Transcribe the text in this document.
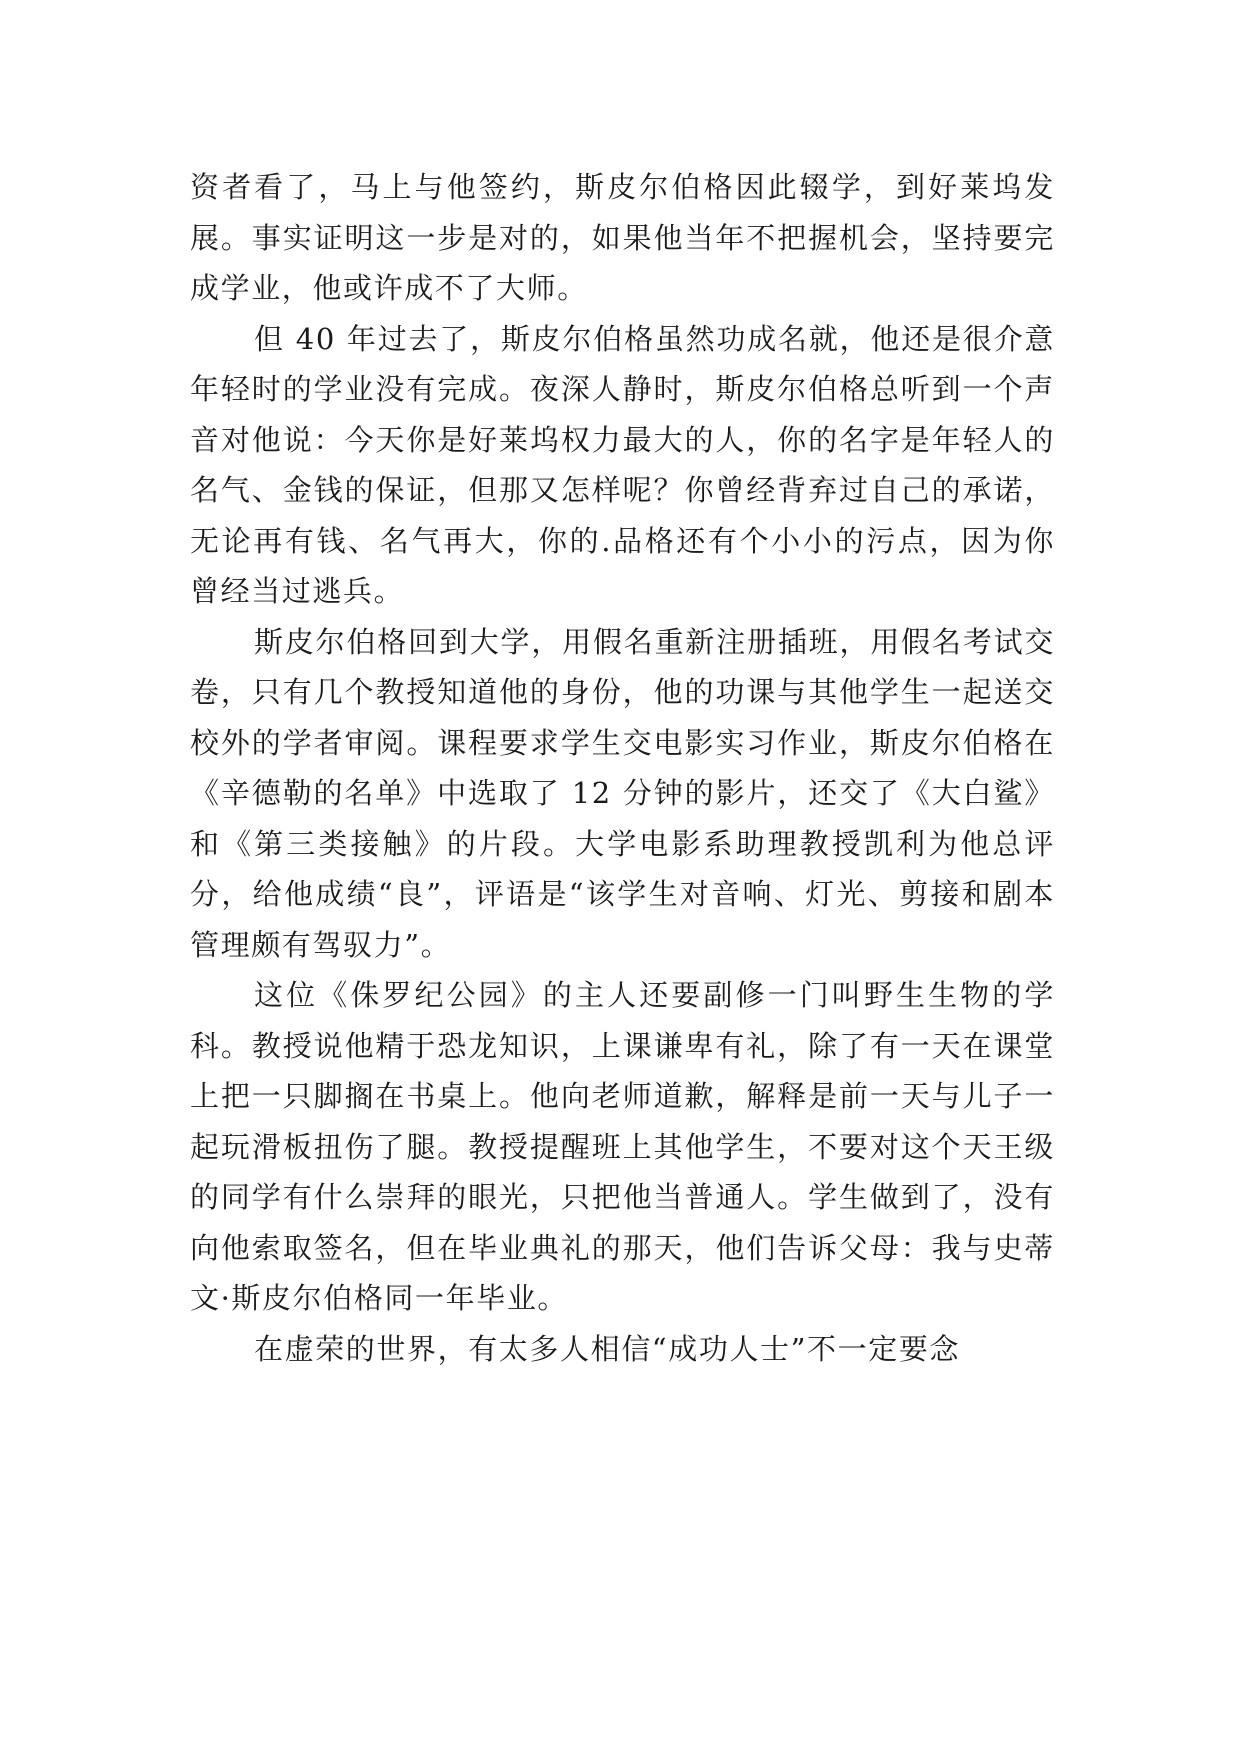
资者看了，马上与他签约，斯皮尔伯格因此辍学，到好莱坞发展。事实证明这一步是对的，如果他当年不把握机会，坚持要完成学业，他或许成不了大师。

但 40 年过去了，斯皮尔伯格虽然功成名就，他还是很介意年轻时的学业没有完成。夜深人静时，斯皮尔伯格总听到一个声音对他说：今天你是好莱坞权力最大的人，你的名字是年轻人的名气、金钱的保证，但那又怎样呢？你曾经背弃过自己的承诺，无论再有钱、名气再大，你的.品格还有个小小的污点，因为你曾经当过逃兵。

斯皮尔伯格回到大学，用假名重新注册插班，用假名考试交卷，只有几个教授知道他的身份，他的功课与其他学生一起送交校外的学者审阅。课程要求学生交电影实习作业，斯皮尔伯格在《辛德勒的名单》中选取了 12 分钟的影片，还交了《大白鲨》和《第三类接触》的片段。大学电影系助理教授凯利为他总评分，给他成绩“良”，评语是“该学生对音响、灯光、剪接和剧本管理颇有驾驭力”。

这位《侏罗纪公园》的主人还要副修一门叫野生生物的学科。教授说他精于恐龙知识，上课谦卑有礼，除了有一天在课堂上把一只脚搁在书桌上。他向老师道歉，解释是前一天与儿子一起玩滑板扭伤了腿。教授提醒班上其他学生，不要对这个天王级的同学有什么崇拜的眼光，只把他当普通人。学生做到了，没有向他索取签名，但在毕业典礼的那天，他们告诉父母：我与史蒂文·斯皮尔伯格同一年毕业。

在虚荣的世界，有太多人相信“成功人士”不一定要念
